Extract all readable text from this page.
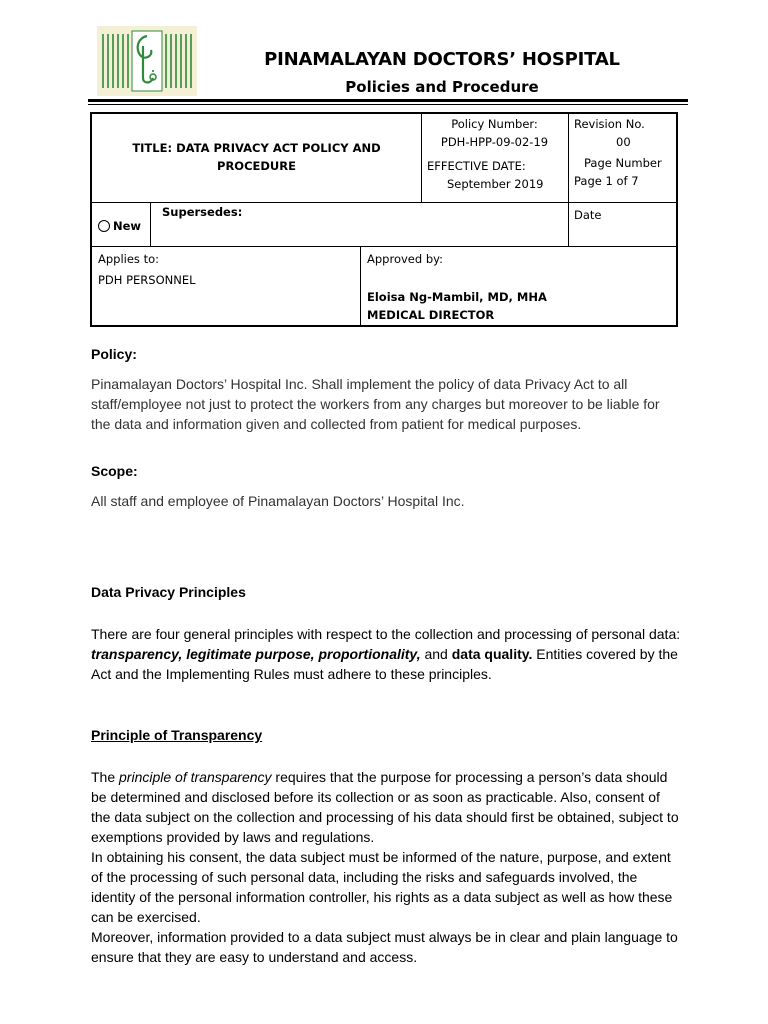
PINAMALAYAN DOCTORS’ HOSPITAL
Policies and Procedure
TITLE: DATA PRIVACY ACT POLICY AND
PROCEDURE
Policy Number:
PDH-HPP-09-02-19
Revision No.
00
EFFECTIVE DATE:
September 2019
Page Number
Page 1 of 7
New
Supersedes:	Date
Applies to:
PDH PERSONNEL
Approved by:
Eloisa Ng-Mambil, MD, MHA
MEDICAL DIRECTOR
Policy:
Pinamalayan Doctors’ Hospital Inc. Shall implement the policy of data Privacy Act to all staff/employee not just to protect the workers from any charges but moreover to be liable for the data and information given and collected from patient for medical purposes.
Scope:
All staff and employee of Pinamalayan Doctors’ Hospital Inc.
Data Privacy Principles
There are four general principles with respect to the collection and processing of personal data: transparency, legitimate purpose, proportionality, and data quality. Entities covered by the Act and the Implementing Rules must adhere to these principles.
Principle of Transparency
The principle of transparency requires that the purpose for processing a person’s data should be determined and disclosed before its collection or as soon as practicable. Also, consent of the data subject on the collection and processing of his data should first be obtained, subject to exemptions provided by laws and regulations.
In obtaining his consent, the data subject must be informed of the nature, purpose, and extent of the processing of such personal data, including the risks and safeguards involved, the identity of the personal information controller, his rights as a data subject as well as how these can be exercised.
Moreover, information provided to a data subject must always be in clear and plain language to ensure that they are easy to understand and access.
